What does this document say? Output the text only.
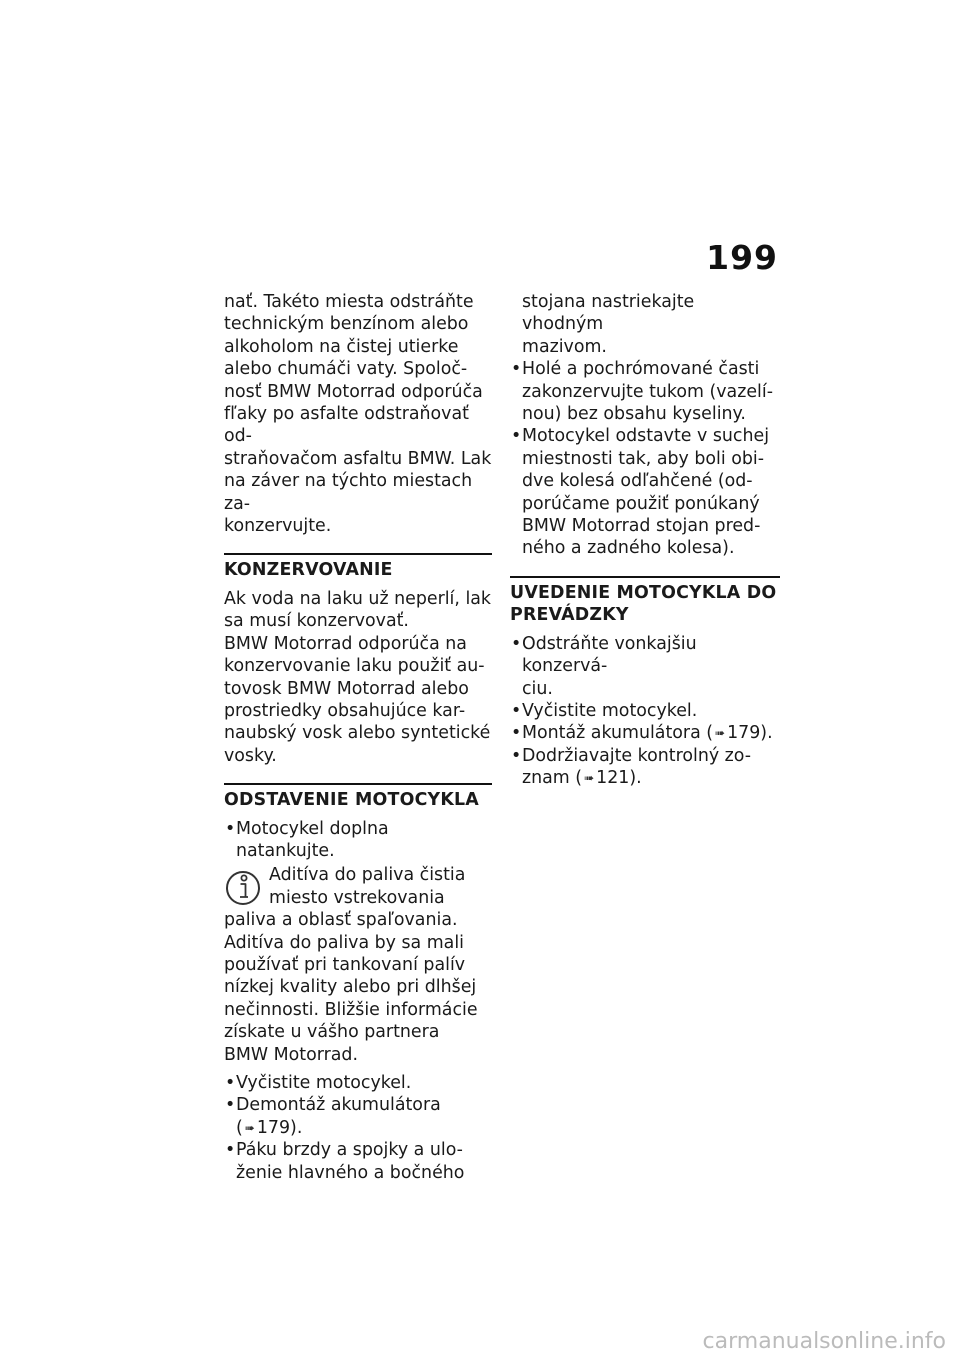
199

nať. Takéto miesta odstráňte

technickým benzínom alebo

alkoholom na čistej utierke

alebo chumáči vaty. Spoloč-

nosť BMW Motorrad odporúča

fľaky po asfalte odstraňovať od-

straňovačom asfaltu BMW. Lak

na záver na týchto miestach za-

konzervujte.

KONZERVOVANIE

Ak voda na laku už neperlí, lak

sa musí konzervovať.

BMW Motorrad odporúča na

konzervovanie laku použiť au-

tovosk BMW Motorrad alebo

prostriedky obsahujúce kar-

naubský vosk alebo syntetické

vosky.

ODSTAVENIE MOTOCYKLA
• Motocykel doplna natankujte.

Aditíva do paliva čistia

miesto vstrekovania

paliva a oblasť spaľovania.

Aditíva do paliva by sa mali

používať pri tankovaní palív

nízkej kvality alebo pri dlhšej

nečinnosti. Bližšie informácie

získate u vášho partnera

BMW Motorrad.

• Vyčistite motocykel.
• Demontáž akumulátora
( ➠ 179).
• Páku brzdy a spojky a ulo-
ženie hlavného a bočného

stojana nastriekajte vhodným

mazivom.

• Holé a pochrómované časti
zakonzervujte tukom (vazelí-
nou) bez obsahu kyseliny.
• Motocykel odstavte v suchej
miestnosti tak, aby boli obi-
dve kolesá odľahčené (od-
porúčame použiť ponúkaný
BMW Motorrad stojan pred-
ného a zadného kolesa).
UVEDENIE MOTOCYKLA DO
PREVÁDZKY
• Odstráňte vonkajšiu konzervá-
ciu.
• Vyčistite motocykel.
• Montáž akumulátora ( ➠ 179).
• Dodržiavajte kontrolný zo-
znam ( ➠ 121).
carmanualsonline.info
